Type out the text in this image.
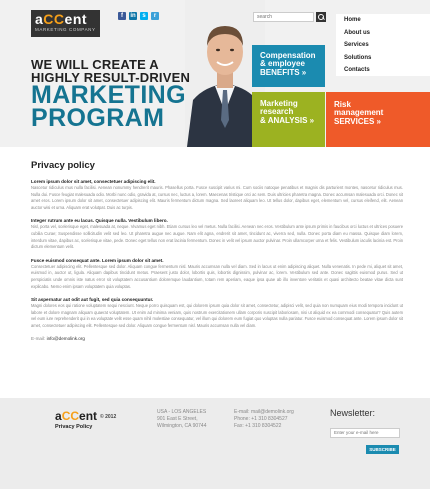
aCCent
MARKETING COMPANY
f	in	s	r
search
Home
About us
Services
Solutions
Contacts
WE WILL CREATE A
HIGHLY RESULT-DRIVEN
MARKETING
PROGRAM
Compensation
& employee
BENEFITS »
Marketing
research
& ANALYSIS »
Risk
management
SERVICES »
Privacy policy
Lorem ipsum dolor sit amet, consectetuer adipiscing elit.
Nascetur ridiculus mus nulla facilisi. Aenean nonummy hendrerit mauris. Phasellus porta. Fusce suscipit varius mi. Cum sociis natoque penatibus et magnis dis parturient montes, nascetur ridiculus mus. Nulla dui. Fusce feugiat malesuada odio. Morbi nunc odio, gravida at, cursus nec, luctus a, lorem. Maecenas tristique orci ac sem. Duis ultricies pharetra magna. Donec accumsan malesuada orci. Donec sit amet eros. Lorem ipsum dolor sit amet, consectetuer adipiscing elit. Mauris fermentum dictum magna. Sed laoreet aliquam leo. Ut tellus dolor, dapibus eget, elementum vel, cursus eleifend, elit. Aenean auctor wisi et urna. Aliquam erat volutpat. Duis ac turpis.
Integer rutrum ante eu lacus. Quisque nulla. Vestibulum libero.
Nisl, porta vel, scelerisque eget, malesuada at, neque. Vivamus eget nibh. Etiam cursus leo vel metus. Nulla facilisi. Aenean nec eros. Vestibulum ante ipsum primis in faucibus orci luctus et ultrices posuere cubilia Curae; Suspendisse sollicitudin velit sed leo. Ut pharetra augue nec augue. Nam elit agna, endrerit sit amet, tincidunt ac, viverra sed, nulla. Donec porta diam eu massa. Quisque diam lorem, interdum vitae, dapibus ac, scelerisque vitae, pede. Donec eget tellus non erat lacinia fermentum. Donec in velit vel ipsum auctor pulvinar. Proin ullamcorper urna et felis. Vestibulum iaculis lacinia est. Proin dictum elementum velit.
Fusce euismod consequat ante. Lorem ipsum dolor sit amet.
Consectetuer adipiscing elit. Pellentesque sed dolor. Aliquam congue fermentum nisl. Mauris accumsan nulla vel diam. Sed in lacus ut enim adipiscing aliquet. Nulla venenatis. In pede mi, aliquet sit amet, euismod in, auctor ut, ligula. Aliquam dapibus tincidunt metus. Praesent justo dolor, lobortis quis, lobortis dignissim, pulvinar ac, lorem. Vestibulum sed ante. Donec sagittis euismod purus. Sed ut perspiciatis unde omnis iste natus error sit voluptatem accusantium doloremque laudantium, totam rem aperiam, eaque ipsa quae ab illo inventore veritatis et quasi architecto beatae vitae dicta sunt explicabo. Nemo enim ipsam voluptatem quia voluptas.
Sit aspernatur aut odit aut fugit, sed quia consequuntur.
Magni dolores eos qui ratione voluptatem sequi nesciunt. Neque porro quisquam est, qui dolorem ipsum quia dolor sit amet, consectetur, adipisci velit, sed quia non numquam eius modi tempora incidunt ut labore et dolore magnam aliquam quaerat voluptatem. Ut enim ad minima veniam, quis nostrum exercitationem ullam corporis suscipit laboriosam, nisi ut aliquid ex ea commodi consequatur? Quis autem vel eum iure reprehenderit qui in ea voluptate velit esse quam nihil molestiae consequatur, vel illum qui dolorem eum fugiat quo voluptas nulla pariatur. Fusce euismod consequat ante. Lorem ipsum dolor sit amet, consectetuer adipiscing elit. Pellentesque sed dolor. Aliquam congue fermentum nisl. Mauris accumsan nulla vel diam.
E-mail: info@demolink.org
aCCent © 2012
Privacy Policy
USA - LOS ANGELES
901 East E Street,
Wilmington, CA 90744
E-mail: mail@demolink.org
Phone: +1 310 8304527
Fax: +1 310 8304522
Newsletter:
Enter your e-mail here
SUBSCRIBE
